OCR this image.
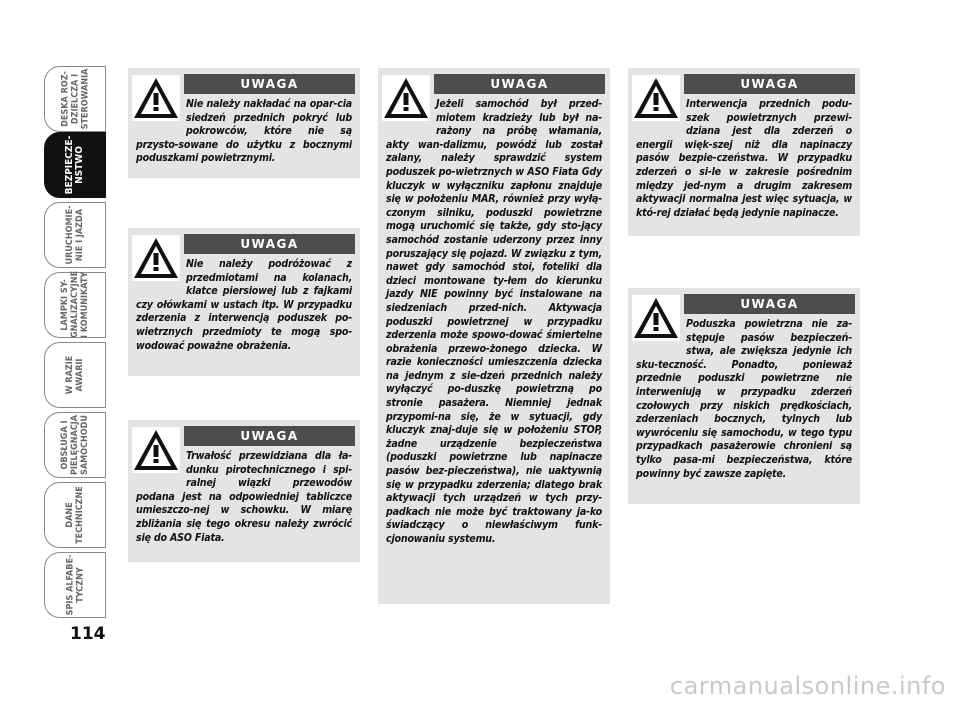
DESKA ROZ-
DZIELCZA I
STEROWANIA
BEZPIECZE-
NSTWO
URUCHOMIE-
NIE I JAZDA
LAMPKI SY-
GNALIZACYJNE
I KOMUNIKATY
W RAZIE
AWARII
OBSŁUGA I
PIELĘGNACJA
SAMOCHODU
DANE
TECHNICZNE
SPIS ALFABE-
TYCZNY
114
UWAGA
Nie należy nakładać na opar-cia siedzeń przednich pokryć lub pokrowców, które nie są przysto-sowane do użytku z bocznymi poduszkami powietrznymi.
UWAGA
Nie należy podróżować z przedmiotami na kolanach, klatce piersiowej lub z fajkami czy ołówkami w ustach itp. W przypadku zderzenia z interwencją poduszek po-wietrznych przedmioty te mogą spo-wodować poważne obrażenia.
UWAGA
Trwałość przewidziana dla ła-dunku pirotechnicznego i spi-ralnej wiązki przewodów podana jest na odpowiedniej tabliczce umieszczo-nej w schowku. W miarę zbliżania się tego okresu należy zwrócić się do ASO Fiata.
UWAGA
Jeżeli samochód był przed-miotem kradzieży lub był na-rażony na próbę włamania, akty wan-dalizmu, powódź lub został zalany, należy sprawdzić system poduszek po-wietrznych w ASO Fiata Gdy kluczyk w wyłączniku zapłonu znajduje się w położeniu MAR, również przy wyłą-czonym silniku, poduszki powietrzne mogą uruchomić się także, gdy sto-jący samochód zostanie uderzony przez inny poruszający się pojazd. W związku z tym, nawet gdy samochód stoi, foteliki dla dzieci montowane ty-łem do kierunku jazdy NIE powinny być instalowane na siedzeniach przed-nich. Aktywacja poduszki powietrznej w przypadku zderzenia może spowo-dować śmiertelne obrażenia przewo-żonego dziecka. W razie konieczności umieszczenia dziecka na jednym z sie-dzeń przednich należy wyłączyć po-duszkę powietrzną po stronie pasażera. Niemniej jednak przypomi-na się, że w sytuacji, gdy kluczyk znaj-duje się w położeniu STOP, żadne urządzenie bezpieczeństwa (poduszki powietrzne lub napinacze pasów bez-pieczeństwa), nie uaktywnią się w przypadku zderzenia; dlatego brak aktywacji tych urządzeń w tych przy-padkach nie może być traktowany ja-ko świadczący o niewłaściwym funk-cjonowaniu systemu.
UWAGA
Interwencja przednich podu-szek powietrznych przewi-dziana jest dla zderzeń o energii więk-szej niż dla napinaczy pasów bezpie-czeństwa. W przypadku zderzeń o si-le w zakresie pośrednim między jed-nym a drugim zakresem aktywacji normalna jest więc sytuacja, w któ-rej działać będą jedynie napinacze.
UWAGA
Poduszka powietrzna nie za-stępuje pasów bezpieczeń-stwa, ale zwiększa jedynie ich sku-teczność. Ponadto, ponieważ przednie poduszki powietrzne nie interweniują w przypadku zderzeń czołowych przy niskich prędkościach, zderzeniach bocznych, tylnych lub wywróceniu się samochodu, w tego typu przypadkach pasażerowie chronieni są tylko pasa-mi bezpieczeństwa, które powinny być zawsze zapięte.
carmanualsonline.info
